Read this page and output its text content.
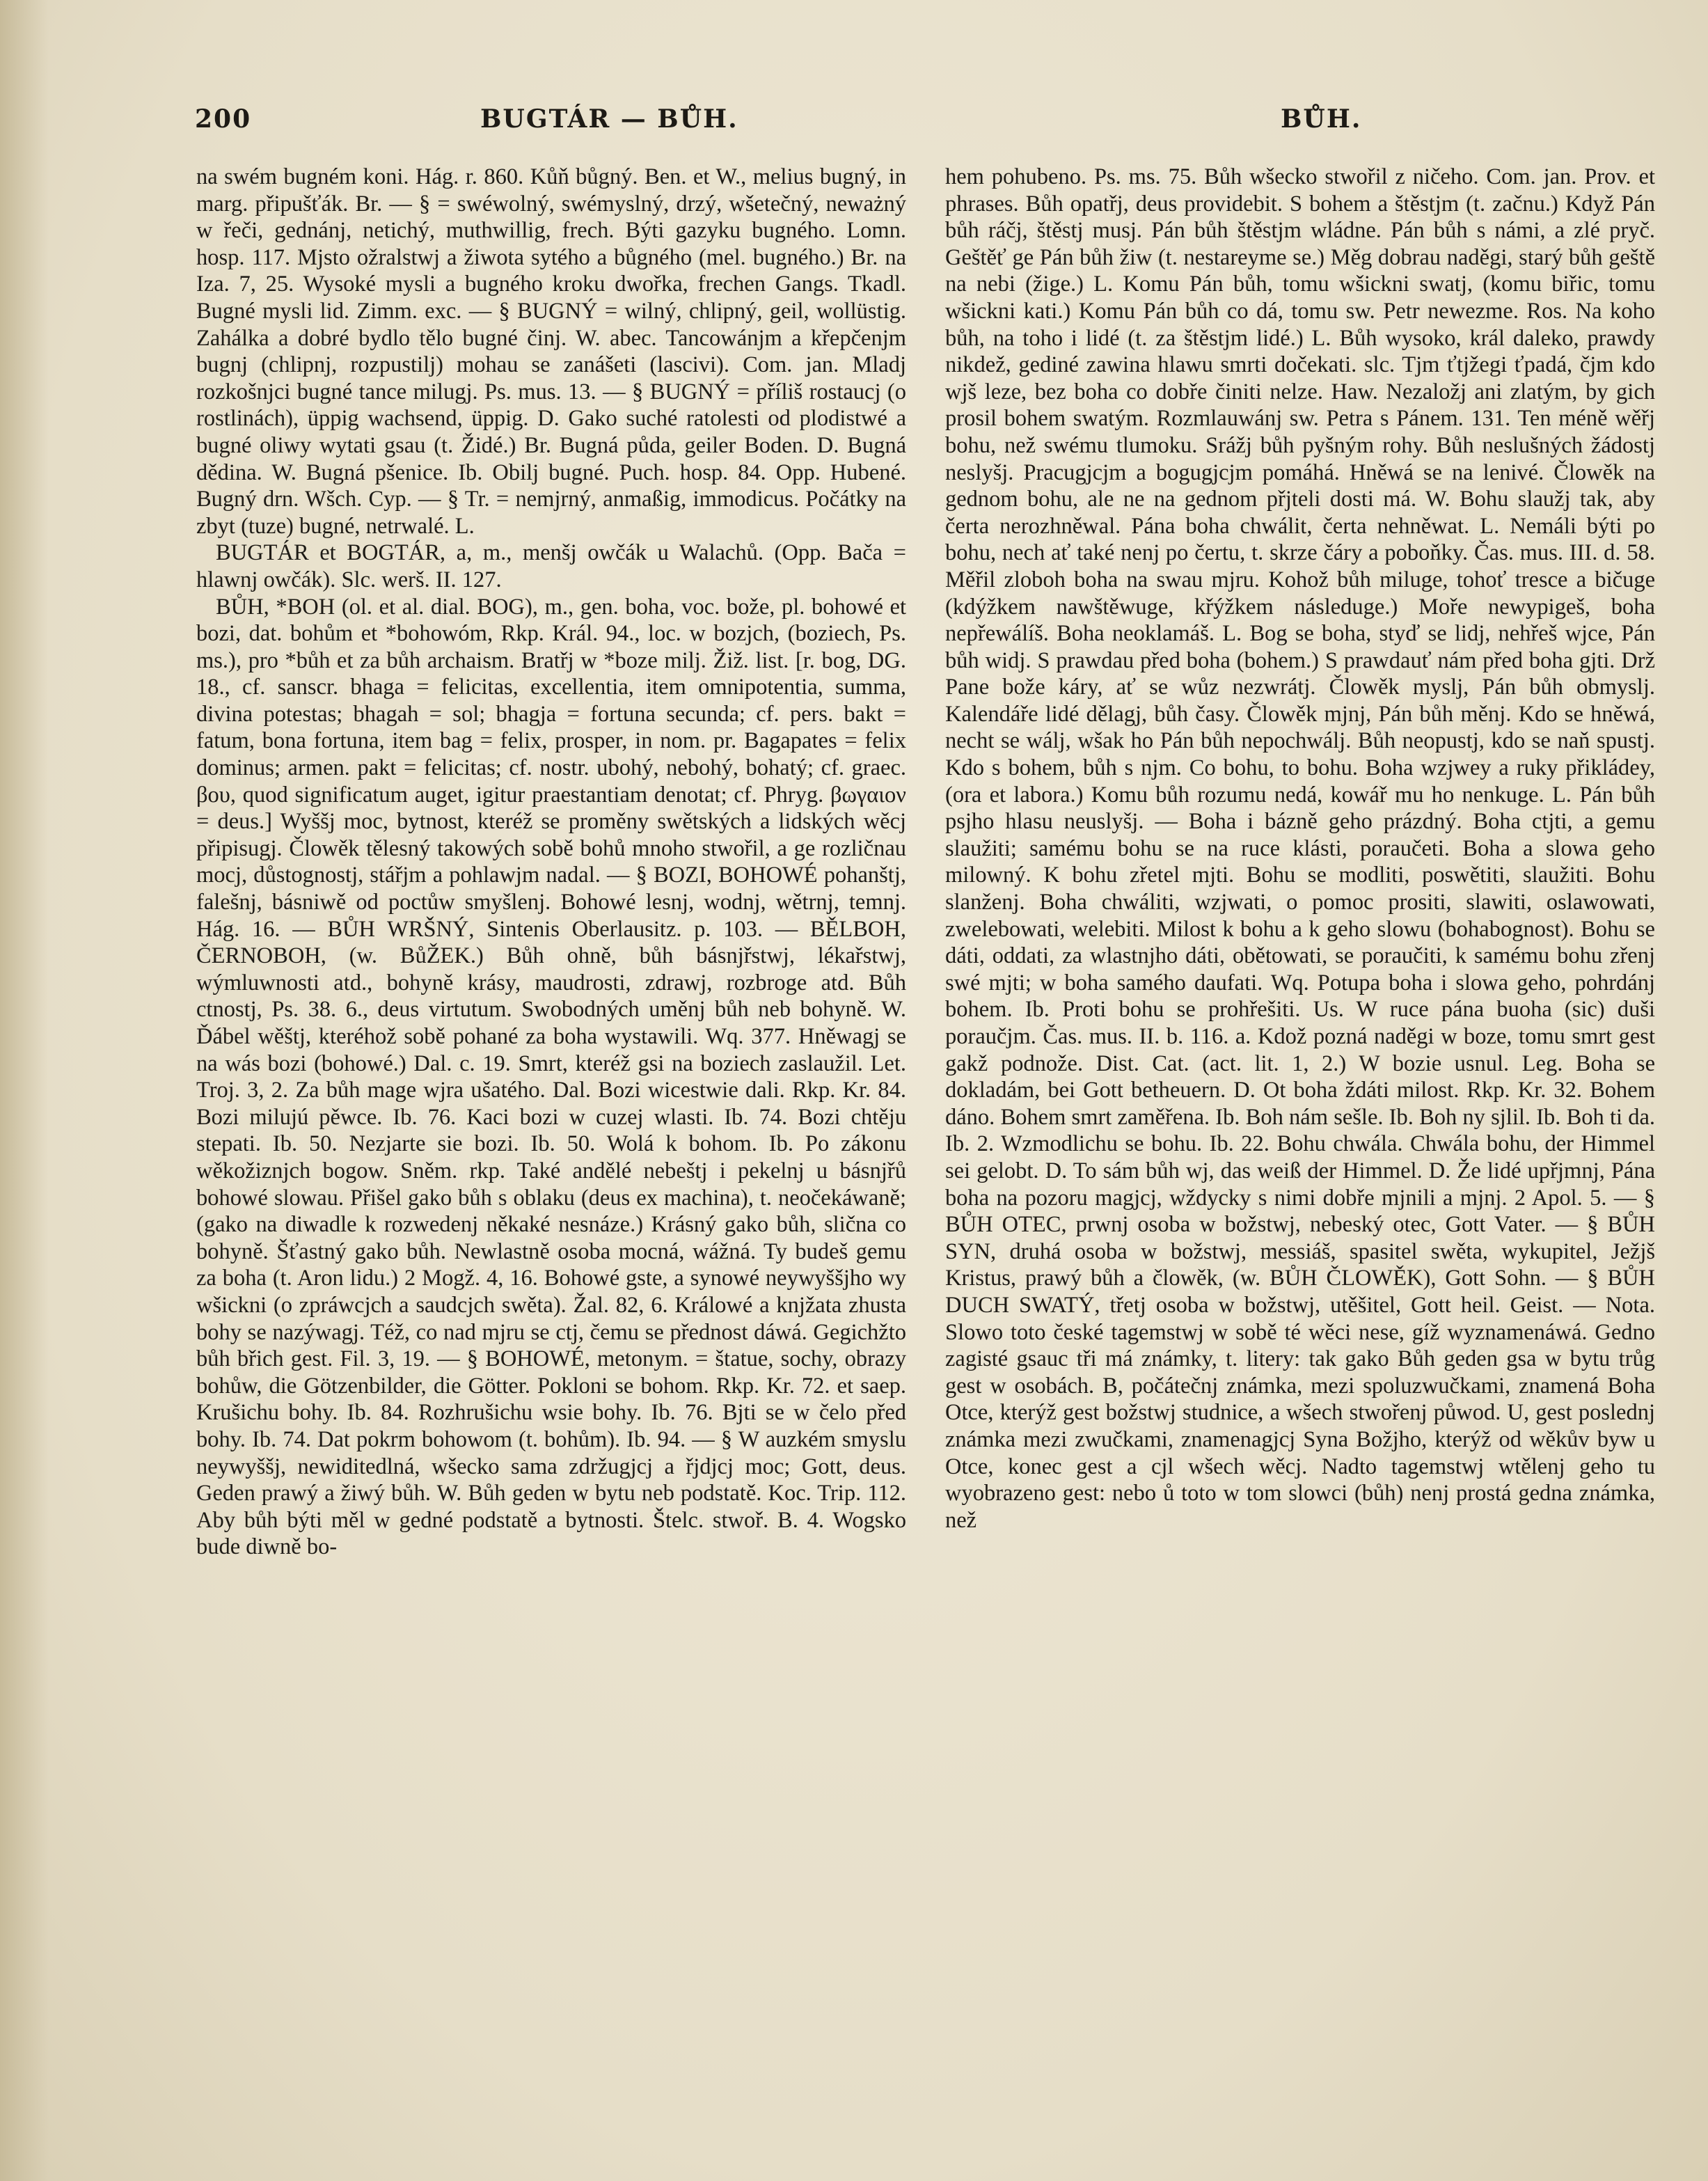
200	BUGTÁR — BŮH.	BŮH.

na swém bugném koni. Hág. r. 860. Kůň bůgný. Ben. et W., melius bugný, in marg. připušťák. Br. — § = swéwolný, swémyslný, drzý, wšetečný, neważný w řeči, gednánj, netichý, muthwillig, frech. Býti gazyku bugného. Lomn. hosp. 117. Mjsto ožralstwj a žiwota sytého a bůgného (mel. bugného.) Br. na Iza. 7, 25. Wysoké mysli a bugného kroku dwořka, frechen Gangs. Tkadl. Bugné mysli lid. Zimm. exc. — § BUGNÝ = wilný, chlipný, geil, wollüstig. Zahálka a dobré bydlo tělo bugné činj. W. abec. Tancowánjm a křepčenjm bugnj (chlipnj, rozpustilj) mohau se zanášeti (lascivi). Com. jan. Mladj rozkošnjci bugné tance milugj. Ps. mus. 13. — § BUGNÝ = příliš rostaucj (o rostlinách), üppig wachsend, üppig. D. Gako suché ratolesti od plodistwé a bugné oliwy wytati gsau (t. Židé.) Br. Bugná půda, geiler Boden. D. Bugná dědina. W. Bugná pšenice. Ib. Obilj bugné. Puch. hosp. 84. Opp. Hubené. Bugný drn. Wšch. Cyp. — § Tr. = nemjrný, anmaßig, immodicus. Počátky na zbyt (tuze) bugné, netrwalé. L.

BUGTÁR et BOGTÁR, a, m., menšj owčák u Walachů. (Opp. Bača = hlawnj owčák). Slc. werš. II. 127.

BŮH, *BOH (ol. et al. dial. BOG), m., gen. boha, voc. bože, pl. bohowé et bozi, dat. bohům et *bohowóm, Rkp. Král. 94., loc. w bozjch, (boziech, Ps. ms.), pro *bůh et za bůh archaism. Bratřj w *boze milj. Žiž. list. [r. bog, DG. 18., cf. sanscr. bhaga = felicitas, excellentia, item omnipotentia, summa, divina potestas; bhagah = sol; bhagja = fortuna secunda; cf. pers. bakt = fatum, bona fortuna, item bag = felix, prosper, in nom. pr. Bagapates = felix dominus; armen. pakt = felicitas; cf. nostr. ubohý, nebohý, bohatý; cf. graec. βου, quod significatum auget, igitur praestantiam denotat; cf. Phryg. βωγαιον = deus.] Wyššj moc, bytnost, kteréž se proměny swětských a lidských wěcj připisugj. Člowěk tělesný takowých sobě bohů mnoho stwořil, a ge rozličnau mocj, důstognostj, stářjm a pohlawjm nadal. — § BOZI, BOHOWÉ pohanštj, falešnj, básniwě od poctůw smyšlenj. Bohowé lesnj, wodnj, wětrnj, temnj. Hág. 16. — BŮH WRŠNÝ, Sintenis Oberlausitz. p. 103. — BĚLBOH, ČERNOBOH, (w. BůŽEK.) Bůh ohně, bůh básnjřstwj, lékařstwj, wýmluwnosti atd., bohyně krásy, maudrosti, zdrawj, rozbroge atd. Bůh ctnostj, Ps. 38. 6., deus virtutum. Swobodných uměnj bůh neb bohyně. W. Ďábel wěštj, kteréhož sobě pohané za boha wystawili. Wq. 377. Hněwagj se na wás bozi (bohowé.) Dal. c. 19. Smrt, kteréž gsi na boziech zaslaužil. Let. Troj. 3, 2. Za bůh mage wjra ušatého. Dal. Bozi wicestwie dali. Rkp. Kr. 84. Bozi milujú pěwce. Ib. 76. Kaci bozi w cuzej wlasti. Ib. 74. Bozi chtěju stepati. Ib. 50. Nezjarte sie bozi. Ib. 50. Wolá k bohom. Ib. Po zákonu wěkožiznjch bogow. Sněm. rkp. Také andělé nebeštj i pekelnj u básnjřů bohowé slowau. Přišel gako bůh s oblaku (deus ex machina), t. neočekáwaně; (gako na diwadle k rozwedenj někaké nesnáze.) Krásný gako bůh, slična co bohyně. Šťastný gako bůh. Newlastně osoba mocná, wážná. Ty budeš gemu za boha (t. Aron lidu.) 2 Mogž. 4, 16. Bohowé gste, a synowé neywyššjho wy wšickni (o zpráwcjch a saudcjch swěta). Žal. 82, 6. Králowé a knjžata zhusta bohy se nazýwagj. Též, co nad mjru se ctj, čemu se přednost dáwá. Gegichžto bůh břich gest. Fil. 3, 19. — § BOHOWÉ, metonym. = štatue, sochy, obrazy bohůw, die Götzenbilder, die Götter. Pokloni se bohom. Rkp. Kr. 72. et saep. Krušichu bohy. Ib. 84. Rozhrušichu wsie bohy. Ib. 76. Bjti se w čelo před bohy. Ib. 74. Dat pokrm bohowom (t. bohům). Ib. 94. — § W auzkém smyslu neywyššj, newiditedlná, wšecko sama zdržugjcj a řjdjcj moc; Gott, deus. Geden prawý a žiwý bůh. W. Bůh geden w bytu neb podstatě. Koc. Trip. 112. Aby bůh býti měl w gedné podstatě a bytnosti. Štelc. stwoř. B. 4. Wogsko bude diwně bo-

hem pohubeno. Ps. ms. 75. Bůh wšecko stwořil z ničeho. Com. jan. Prov. et phrases. Bůh opatřj, deus providebit. S bohem a štěstjm (t. začnu.) Když Pán bůh ráčj, štěstj musj. Pán bůh štěstjm wládne. Pán bůh s námi, a zlé pryč. Geštěť ge Pán bůh žiw (t. nestareyme se.) Měg dobrau naděgi, starý bůh geště na nebi (žige.) L. Komu Pán bůh, tomu wšickni swatj, (komu biřic, tomu wšickni kati.) Komu Pán bůh co dá, tomu sw. Petr newezme. Ros. Na koho bůh, na toho i lidé (t. za štěstjm lidé.) L. Bůh wysoko, král daleko, prawdy nikdež, gediné zawina hlawu smrti dočekati. slc. Tjm ťtjžegi ťpadá, čjm kdo wjš leze, bez boha co dobře činiti nelze. Haw. Nezaložj ani zlatým, by gich prosil bohem swatým. Rozmlauwánj sw. Petra s Pánem. 131. Ten méně wěřj bohu, než swému tlumoku. Srážj bůh pyšným rohy. Bůh neslušných žádostj neslyšj. Pracugjcjm a bogugjcjm pomáhá. Hněwá se na lenivé. Člowěk na gednom bohu, ale ne na gednom přjteli dosti má. W. Bohu slaužj tak, aby čerta nerozhněwal. Pána boha chwálit, čerta nehněwat. L. Nemáli býti po bohu, nech ať také nenj po čertu, t. skrze čáry a poboňky. Čas. mus. III. d. 58. Měřil zloboh boha na swau mjru. Kohož bůh miluge, tohoť tresce a bičuge (kdýžkem nawštěwuge, křýžkem následuge.) Moře newypigeš, boha nepřewálíš. Boha neoklamáš. L. Bog se boha, styď se lidj, nehřeš wjce, Pán bůh widj. S prawdau před boha (bohem.) S prawdauť nám před boha gjti. Drž Pane bože káry, ať se wůz nezwrátj. Člowěk myslj, Pán bůh obmyslj. Kalendáře lidé dělagj, bůh časy. Člowěk mjnj, Pán bůh měnj. Kdo se hněwá, necht se wálj, wšak ho Pán bůh nepochwálj. Bůh neopustj, kdo se naň spustj. Kdo s bohem, bůh s njm. Co bohu, to bohu. Boha wzjwey a ruky přikládey, (ora et labora.) Komu bůh rozumu nedá, kowář mu ho nenkuge. L. Pán bůh psjho hlasu neuslyšj. — Boha i bázně geho prázdný. Boha ctjti, a gemu slaužiti; samému bohu se na ruce klásti, poraučeti. Boha a slowa geho milowný. K bohu zřetel mjti. Bohu se modliti, poswětiti, slaužiti. Bohu slanženj. Boha chwáliti, wzjwati, o pomoc prositi, slawiti, oslawowati, zwelebowati, welebiti. Milost k bohu a k geho slowu (bohabognost). Bohu se dáti, oddati, za wlastnjho dáti, obětowati, se poraučiti, k samému bohu zřenj swé mjti; w boha samého daufati. Wq. Potupa boha i slowa geho, pohrdánj bohem. Ib. Proti bohu se prohřešiti. Us. W ruce pána buoha (sic) duši poraučjm. Čas. mus. II. b. 116. a. Kdož pozná naděgi w boze, tomu smrt gest gakž podnože. Dist. Cat. (act. lit. 1, 2.) W bozie usnul. Leg. Boha se dokladám, bei Gott betheuern. D. Ot boha ždáti milost. Rkp. Kr. 32. Bohem dáno. Bohem smrt zaměřena. Ib. Boh nám sešle. Ib. Boh ny sjlil. Ib. Boh ti da. Ib. 2. Wzmodlichu se bohu. Ib. 22. Bohu chwála. Chwála bohu, der Himmel sei gelobt. D. To sám bůh wj, das weiß der Himmel. D. Že lidé upřjmnj, Pána boha na pozoru magjcj, wždycky s nimi dobře mjnili a mjnj. 2 Apol. 5. — § BŮH OTEC, prwnj osoba w božstwj, nebeský otec, Gott Vater. — § BŮH SYN, druhá osoba w božstwj, messiáš, spasitel swěta, wykupitel, Ježjš Kristus, prawý bůh a člowěk, (w. BŮH ČLOWĚK), Gott Sohn. — § BŮH DUCH SWATÝ, třetj osoba w božstwj, utěšitel, Gott heil. Geist. — Nota. Slowo toto české tagemstwj w sobě té wěci nese, gíž wyznamenáwá. Gedno zagisté gsauc tři má známky, t. litery: tak gako Bůh geden gsa w bytu trůg gest w osobách. B, počátečnj známka, mezi spoluzwučkami, znamená Boha Otce, kterýž gest božstwj studnice, a wšech stwořenj půwod. U, gest poslednj známka mezi zwučkami, znamenagjcj Syna Božjho, kterýž od wěkův byw u Otce, konec gest a cjl wšech wěcj. Nadto tagemstwj wtělenj geho tu wyobrazeno gest: nebo ů toto w tom slowci (bůh) nenj prostá gedna známka, než
